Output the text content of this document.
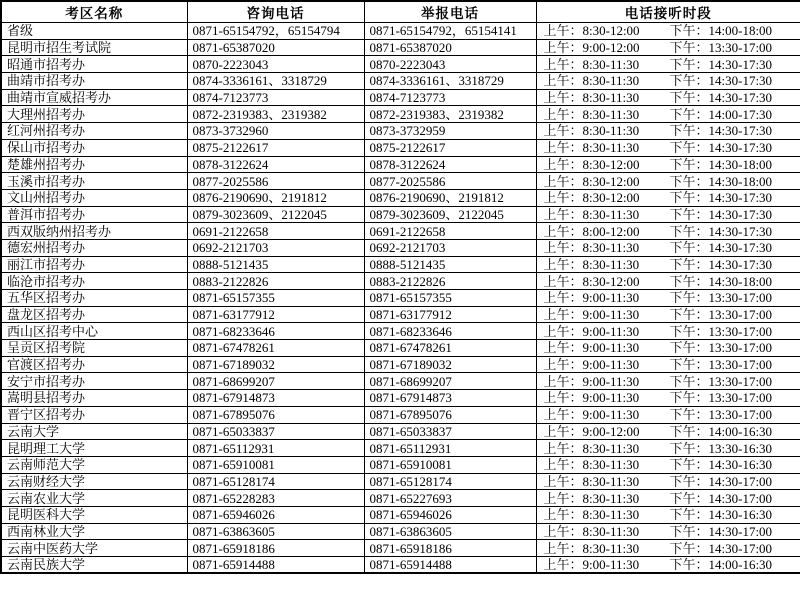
考区名称	咨询电话	举报电话	电话接听时段
省级	0871-65154792，65154794	0871-65154792，65154141	上午：8:30-12:00 下午：14:00-18:00

昆明市招生考试院	0871-65387020	0871-65387020	上午：9:00-12:00 下午：13:30-17:00

昭通市招考办	0870-2223043	0870-2223043	上午：8:30-11:30 下午：14:30-17:30

曲靖市招考办	0874-3336161、3318729	0874-3336161、3318729	上午：8:30-11:30 下午：14:30-17:30

曲靖市宣威招考办	0874-7123773	0874-7123773	上午：8:30-11:30 下午：14:30-17:30

大理州招考办	0872-2319383、2319382	0872-2319383、2319382	上午：8:30-11:30 下午：14:00-17:30

红河州招考办	0873-3732960	0873-3732959	上午：8:30-11:30 下午：14:30-17:30

保山市招考办	0875-2122617	0875-2122617	上午：8:30-11:30 下午：14:30-17:30

楚雄州招考办	0878-3122624	0878-3122624	上午：8:30-12:00 下午：14:30-18:00

玉溪市招考办	0877-2025586	0877-2025586	上午：8:30-12:00 下午：14:30-18:00

文山州招考办	0876-2190690、2191812	0876-2190690、2191812	上午：8:30-12:00 下午：14:30-17:30

普洱市招考办	0879-3023609、2122045	0879-3023609、2122045	上午：8:30-11:30 下午：14:30-17:30

西双版纳州招考办	0691-2122658	0691-2122658	上午：8:00-12:00 下午：14:30-17:30

德宏州招考办	0692-2121703	0692-2121703	上午：8:30-11:30 下午：14:30-17:30

丽江市招考办	0888-5121435	0888-5121435	上午：8:30-11:30 下午：14:30-17:30

临沧市招考办	0883-2122826	0883-2122826	上午：8:30-12:00 下午：14:30-18:00

五华区招考办	0871-65157355	0871-65157355	上午：9:00-11:30 下午：13:30-17:00

盘龙区招考办	0871-63177912	0871-63177912	上午：9:00-11:30 下午：13:30-17:00

西山区招考中心	0871-68233646	0871-68233646	上午：9:00-11:30 下午：13:30-17:00

呈贡区招考院	0871-67478261	0871-67478261	上午：9:00-11:30 下午：13:30-17:00

官渡区招考办	0871-67189032	0871-67189032	上午：9:00-11:30 下午：13:30-17:00

安宁市招考办	0871-68699207	0871-68699207	上午：9:00-11:30 下午：13:30-17:00

嵩明县招考办	0871-67914873	0871-67914873	上午：9:00-11:30 下午：13:30-17:00

晋宁区招考办	0871-67895076	0871-67895076	上午：9:00-11:30 下午：13:30-17:00

云南大学	0871-65033837	0871-65033837	上午：9:00-12:00 下午：14:00-16:30

昆明理工大学	0871-65112931	0871-65112931	上午：8:30-11:30 下午：13:30-16:30

云南师范大学	0871-65910081	0871-65910081	上午：8:30-11:30 下午：14:30-16:30

云南财经大学	0871-65128174	0871-65128174	上午：8:30-11:30 下午：14:30-17:00

云南农业大学	0871-65228283	0871-65227693	上午：8:30-11:30 下午：14:30-17:00

昆明医科大学	0871-65946026	0871-65946026	上午：8:30-11:30 下午：14:30-16:30

西南林业大学	0871-63863605	0871-63863605	上午：8:30-11:30 下午：14:30-17:00

云南中医药大学	0871-65918186	0871-65918186	上午：8:30-11:30 下午：14:30-17:00

云南民族大学	0871-65914488	0871-65914488	上午：9:00-11:30 下午：14:00-16:30
